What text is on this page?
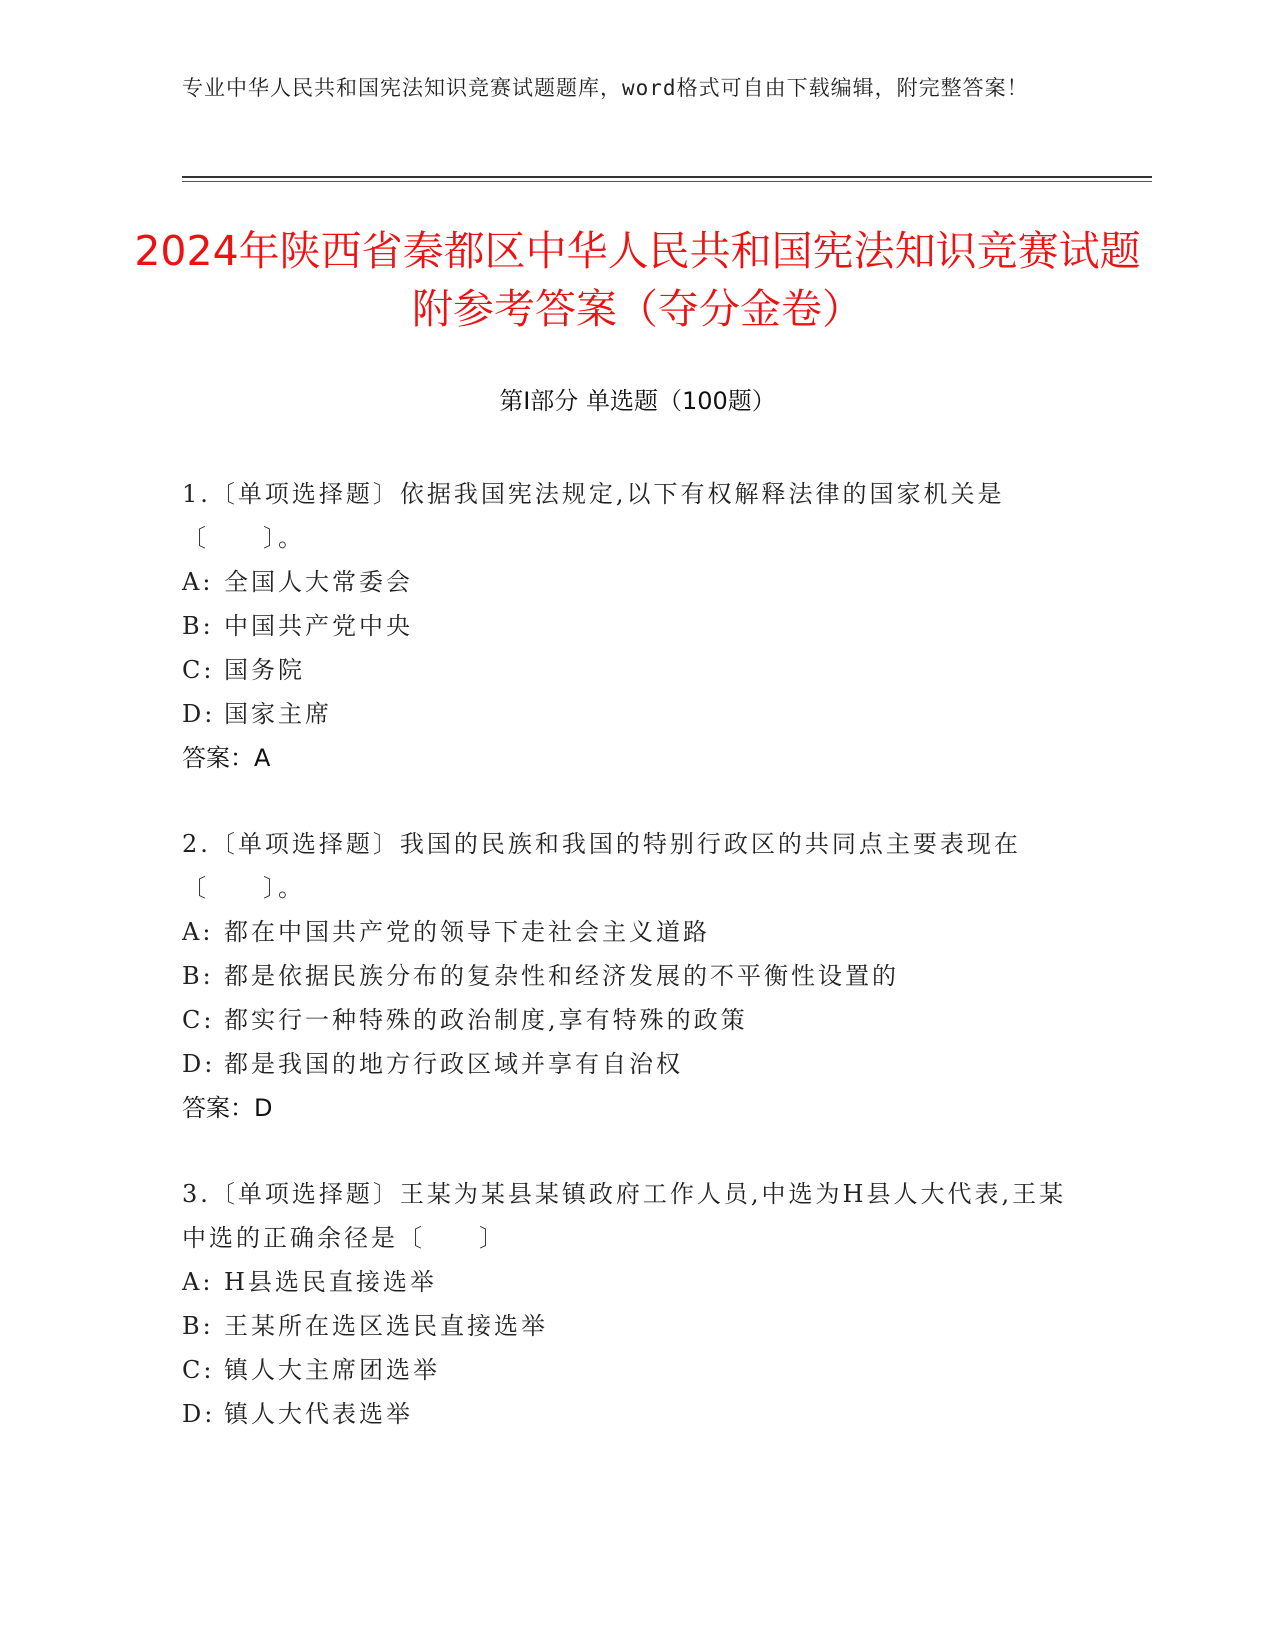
专业中华人民共和国宪法知识竞赛试题题库，word格式可自由下载编辑，附完整答案！
2024年陕西省秦都区中华人民共和国宪法知识竞赛试题附参考答案（夺分金卷）
第Ⅰ部分 单选题（100题）

1.〔单项选择题〕依据我国宪法规定,以下有权解释法律的国家机关是〔　　〕。

A: 全国人大常委会

B: 中国共产党中央

C: 国务院

D: 国家主席

答案：A

2.〔单项选择题〕我国的民族和我国的特别行政区的共同点主要表现在〔　　〕。

A: 都在中国共产党的领导下走社会主义道路

B: 都是依据民族分布的复杂性和经济发展的不平衡性设置的

C: 都实行一种特殊的政治制度,享有特殊的政策

D: 都是我国的地方行政区域并享有自治权

答案：D

3.〔单项选择题〕王某为某县某镇政府工作人员,中选为H县人大代表,王某中选的正确余径是〔　　〕

A: H县选民直接选举

B: 王某所在选区选民直接选举

C: 镇人大主席团选举

D: 镇人大代表选举
